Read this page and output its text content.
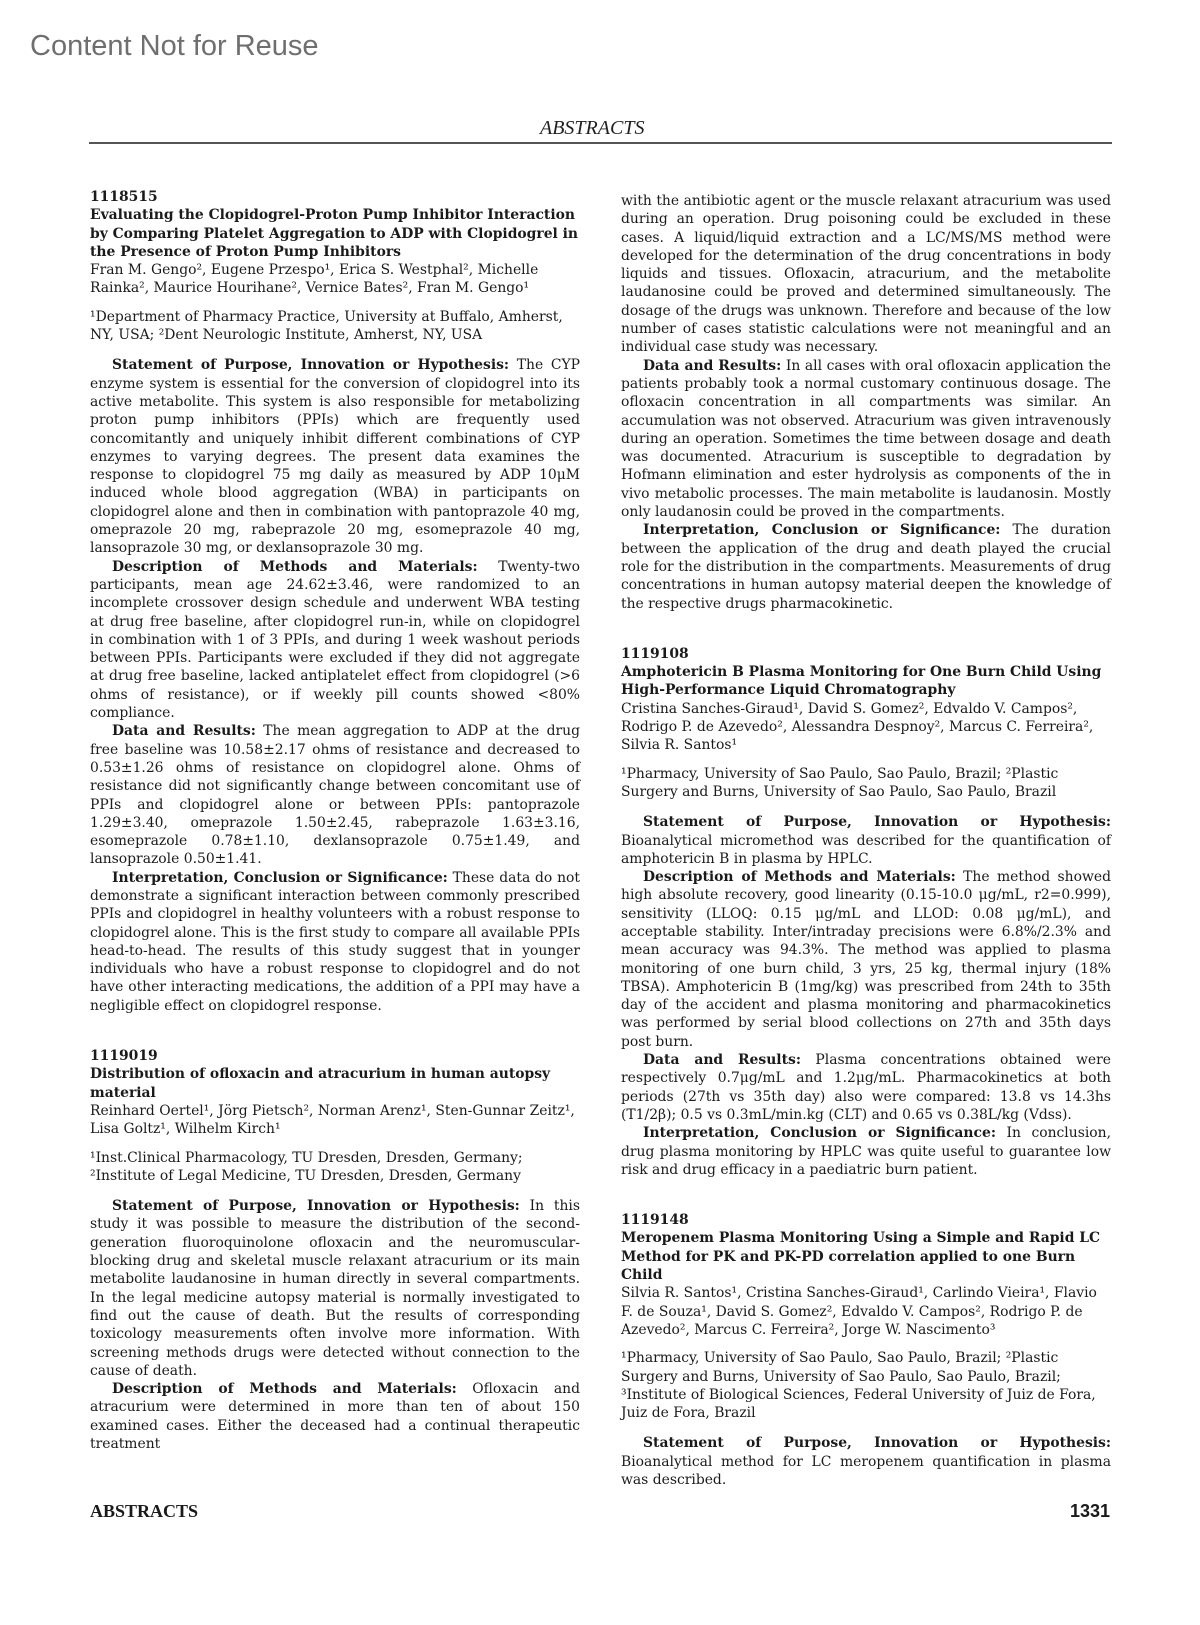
Content Not for Reuse
ABSTRACTS
1118515
Evaluating the Clopidogrel-Proton Pump Inhibitor Interaction by Comparing Platelet Aggregation to ADP with Clopidogrel in the Presence of Proton Pump Inhibitors
Fran M. Gengo², Eugene Przespo¹, Erica S. Westphal², Michelle Rainka², Maurice Hourihane², Vernice Bates², Fran M. Gengo¹
¹Department of Pharmacy Practice, University at Buffalo, Amherst, NY, USA; ²Dent Neurologic Institute, Amherst, NY, USA

Statement of Purpose, Innovation or Hypothesis: The CYP enzyme system is essential for the conversion of clopidogrel into its active metabolite. This system is also responsible for metabolizing proton pump inhibitors (PPIs) which are frequently used concomitantly and uniquely inhibit different combinations of CYP enzymes to varying degrees. The present data examines the response to clopidogrel 75 mg daily as measured by ADP 10μM induced whole blood aggregation (WBA) in participants on clopidogrel alone and then in combination with pantoprazole 40 mg, omeprazole 20 mg, rabeprazole 20 mg, esomeprazole 40 mg, lansoprazole 30 mg, or dexlansoprazole 30 mg.

Description of Methods and Materials: Twenty-two participants, mean age 24.62±3.46, were randomized to an incomplete crossover design schedule and underwent WBA testing at drug free baseline, after clopidogrel run-in, while on clopidogrel in combination with 1 of 3 PPIs, and during 1 week washout periods between PPIs. Participants were excluded if they did not aggregate at drug free baseline, lacked antiplatelet effect from clopidogrel (>6 ohms of resistance), or if weekly pill counts showed <80% compliance.

Data and Results: The mean aggregation to ADP at the drug free baseline was 10.58±2.17 ohms of resistance and decreased to 0.53±1.26 ohms of resistance on clopidogrel alone. Ohms of resistance did not significantly change between concomitant use of PPIs and clopidogrel alone or between PPIs: pantoprazole 1.29±3.40, omeprazole 1.50±2.45, rabeprazole 1.63±3.16, esomeprazole 0.78±1.10, dexlansoprazole 0.75±1.49, and lansoprazole 0.50±1.41.

Interpretation, Conclusion or Significance: These data do not demonstrate a significant interaction between commonly prescribed PPIs and clopidogrel in healthy volunteers with a robust response to clopidogrel alone. This is the first study to compare all available PPIs head-to-head. The results of this study suggest that in younger individuals who have a robust response to clopidogrel and do not have other interacting medications, the addition of a PPI may have a negligible effect on clopidogrel response.

1119019
Distribution of ofloxacin and atracurium in human autopsy material
Reinhard Oertel¹, Jörg Pietsch², Norman Arenz¹, Sten-Gunnar Zeitz¹, Lisa Goltz¹, Wilhelm Kirch¹
¹Inst.Clinical Pharmacology, TU Dresden, Dresden, Germany; ²Institute of Legal Medicine, TU Dresden, Dresden, Germany

Statement of Purpose, Innovation or Hypothesis: In this study it was possible to measure the distribution of the second-generation fluoroquinolone ofloxacin and the neuromuscular-blocking drug and skeletal muscle relaxant atracurium or its main metabolite laudanosine in human directly in several compartments. In the legal medicine autopsy material is normally investigated to find out the cause of death. But the results of corresponding toxicology measurements often involve more information. With screening methods drugs were detected without connection to the cause of death.

Description of Methods and Materials: Ofloxacin and atracurium were determined in more than ten of about 150 examined cases. Either the deceased had a continual therapeutic treatment

with the antibiotic agent or the muscle relaxant atracurium was used during an operation. Drug poisoning could be excluded in these cases. A liquid/liquid extraction and a LC/MS/MS method were developed for the determination of the drug concentrations in body liquids and tissues. Ofloxacin, atracurium, and the metabolite laudanosine could be proved and determined simultaneously. The dosage of the drugs was unknown. Therefore and because of the low number of cases statistic calculations were not meaningful and an individual case study was necessary.

Data and Results: In all cases with oral ofloxacin application the patients probably took a normal customary continuous dosage. The ofloxacin concentration in all compartments was similar. An accumulation was not observed. Atracurium was given intravenously during an operation. Sometimes the time between dosage and death was documented. Atracurium is susceptible to degradation by Hofmann elimination and ester hydrolysis as components of the in vivo metabolic processes. The main metabolite is laudanosin. Mostly only laudanosin could be proved in the compartments.

Interpretation, Conclusion or Significance: The duration between the application of the drug and death played the crucial role for the distribution in the compartments. Measurements of drug concentrations in human autopsy material deepen the knowledge of the respective drugs pharmacokinetic.

1119108
Amphotericin B Plasma Monitoring for One Burn Child Using High-Performance Liquid Chromatography
Cristina Sanches-Giraud¹, David S. Gomez², Edvaldo V. Campos², Rodrigo P. de Azevedo², Alessandra Despnoy², Marcus C. Ferreira², Silvia R. Santos¹
¹Pharmacy, University of Sao Paulo, Sao Paulo, Brazil; ²Plastic Surgery and Burns, University of Sao Paulo, Sao Paulo, Brazil

Statement of Purpose, Innovation or Hypothesis: Bioanalytical micromethod was described for the quantification of amphotericin B in plasma by HPLC.

Description of Methods and Materials: The method showed high absolute recovery, good linearity (0.15-10.0 μg/mL, r2=0.999), sensitivity (LLOQ: 0.15 μg/mL and LLOD: 0.08 μg/mL), and acceptable stability. Inter/intraday precisions were 6.8%/2.3% and mean accuracy was 94.3%. The method was applied to plasma monitoring of one burn child, 3 yrs, 25 kg, thermal injury (18% TBSA). Amphotericin B (1mg/kg) was prescribed from 24th to 35th day of the accident and plasma monitoring and pharmacokinetics was performed by serial blood collections on 27th and 35th days post burn.

Data and Results: Plasma concentrations obtained were respectively 0.7μg/mL and 1.2μg/mL. Pharmacokinetics at both periods (27th vs 35th day) also were compared: 13.8 vs 14.3hs (T1/2β); 0.5 vs 0.3mL/min.kg (CLT) and 0.65 vs 0.38L/kg (Vdss).

Interpretation, Conclusion or Significance: In conclusion, drug plasma monitoring by HPLC was quite useful to guarantee low risk and drug efficacy in a paediatric burn patient.

1119148
Meropenem Plasma Monitoring Using a Simple and Rapid LC Method for PK and PK-PD correlation applied to one Burn Child
Silvia R. Santos¹, Cristina Sanches-Giraud¹, Carlindo Vieira¹, Flavio F. de Souza¹, David S. Gomez², Edvaldo V. Campos², Rodrigo P. de Azevedo², Marcus C. Ferreira², Jorge W. Nascimento³
¹Pharmacy, University of Sao Paulo, Sao Paulo, Brazil; ²Plastic Surgery and Burns, University of Sao Paulo, Sao Paulo, Brazil; ³Institute of Biological Sciences, Federal University of Juiz de Fora, Juiz de Fora, Brazil

Statement of Purpose, Innovation or Hypothesis: Bioanalytical method for LC meropenem quantification in plasma was described.

ABSTRACTS	1331
